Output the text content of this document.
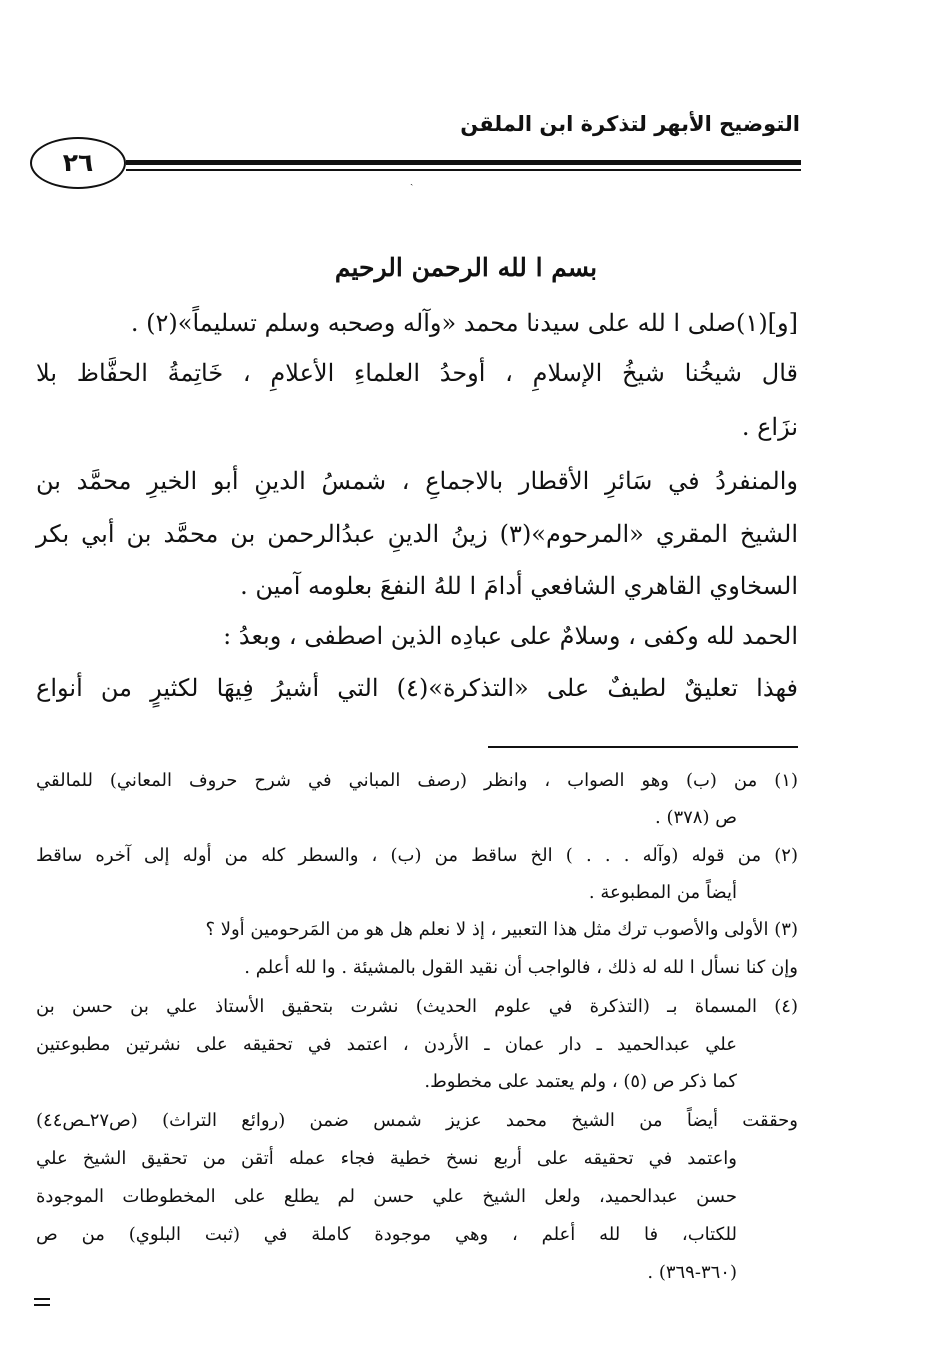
التوضيح الأبهر لتذكرة ابن الملقن
٢٦
ˎ
بسم ا لله الرحمن الرحيم
[و](١)صلى ا لله على سيدنا محمد «وآله وصحبه وسلم تسليماً»(٢) .
قال شيخُنا شيخُ الإسلامِ ، أوحدُ العلماءِ الأعلامِ ، خَاتِمةُ الحفَّاظ بلا
نزَاع .
والمنفردُ في سَائرِ الأقطار بالاجماعِ ، شمسُ الدينِ أبو الخيرِ محمَّد بن
الشيخ المقري «المرحوم»(٣) زينُ الدينِ عبدُالرحمن بن محمَّد بن أبي بكر
السخاوي القاهري الشافعي أدامَ ا للهُ النفعَ بعلومه آمين .
الحمد لله وكفى ، وسلامٌ على عبادِه الذين اصطفى ، وبعدُ :
فهذا تعليقٌ لطيفٌ على «التذكرة»(٤) التي أشيرُ فِيهَا لكثيرٍ من أنواع
(١) من (ب) وهو الصواب ، وانظر (رصف المباني في شرح حروف المعاني) للمالقي
ص (٣٧٨) .
(٢) من قوله (وآله . . . ) الخ ساقط من (ب) ، والسطر كله من أوله إلى آخره ساقط
أيضاً من المطبوعة .
(٣) الأولى والأصوب ترك مثل هذا التعبير ، إذ لا نعلم هل هو من المَرحومين أولا ؟
وإن كنا نسأل ا لله له ذلك ، فالواجب أن نقيد القول بالمشيئة . وا لله أعلم .
(٤) المسماة بـ (التذكرة في علوم الحديث) نشرت بتحقيق الأستاذ علي بن حسن بن
علي عبدالحميد ـ دار عمان ـ الأردن ، اعتمد في تحقيقه على نشرتين مطبوعتين
كما ذكر ص (٥) ، ولم يعتمد على مخطوط.
وحققت أيضاً من الشيخ محمد عزيز شمس ضمن (روائع التراث) (ص٢٧ـص٤٤)
واعتمد في تحقيقه على أربع نسخ خطية فجاء عمله أتقن من تحقيق الشيخ علي
حسن عبدالحميد، ولعل الشيخ علي حسن لم يطلع على المخطوطات الموجودة
للكتاب، فا لله أعلم ، وهي موجودة كاملة في (ثبت البلوي) من ص
(٣٦٠-٣٦٩) .
